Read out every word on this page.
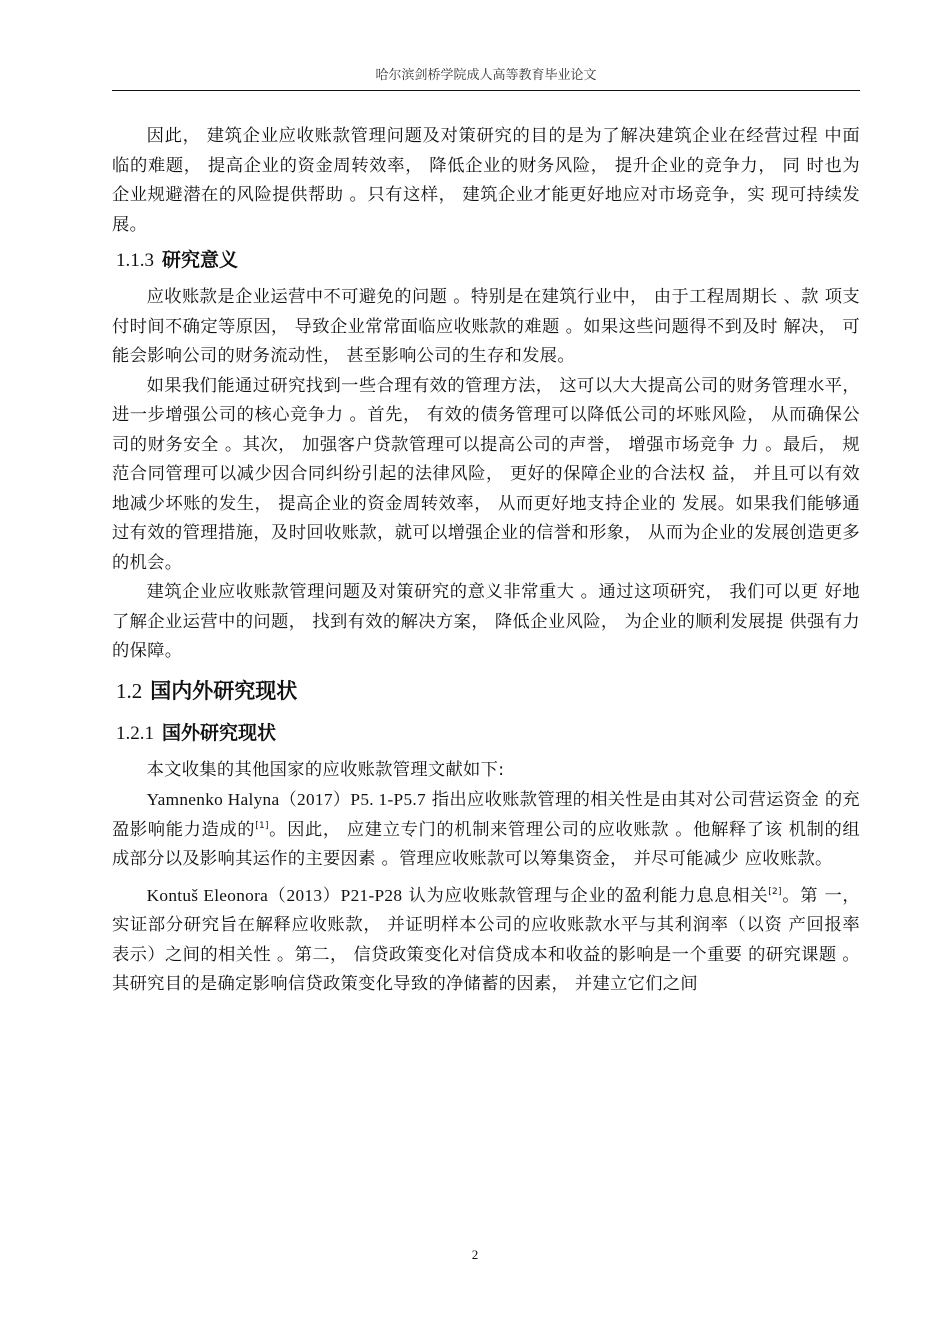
哈尔滨剑桥学院成人高等教育毕业论文

因此， 建筑企业应收账款管理问题及对策研究的目的是为了解决建筑企业在经营过程 中面临的难题， 提高企业的资金周转效率， 降低企业的财务风险， 提升企业的竞争力， 同 时也为企业规避潜在的风险提供帮助 。只有这样， 建筑企业才能更好地应对市场竞争，实 现可持续发展。

1.1.3 研究意义

应收账款是企业运营中不可避免的问题 。特别是在建筑行业中， 由于工程周期长 、款 项支付时间不确定等原因， 导致企业常常面临应收账款的难题 。如果这些问题得不到及时 解决， 可能会影响公司的财务流动性， 甚至影响公司的生存和发展。

如果我们能通过研究找到一些合理有效的管理方法， 这可以大大提高公司的财务管理水平， 进一步增强公司的核心竞争力 。首先， 有效的债务管理可以降低公司的坏账风险， 从而确保公司的财务安全 。其次， 加强客户贷款管理可以提高公司的声誉， 增强市场竞争 力 。最后， 规范合同管理可以减少因合同纠纷引起的法律风险， 更好的保障企业的合法权 益， 并且可以有效地减少坏账的发生， 提高企业的资金周转效率， 从而更好地支持企业的 发展。如果我们能够通过有效的管理措施，及时回收账款，就可以增强企业的信誉和形象， 从而为企业的发展创造更多的机会。

建筑企业应收账款管理问题及对策研究的意义非常重大 。通过这项研究， 我们可以更 好地了解企业运营中的问题， 找到有效的解决方案， 降低企业风险， 为企业的顺利发展提 供强有力的保障。

1.2 国内外研究现状
1.2.1 国外研究现状

本文收集的其他国家的应收账款管理文献如下:

Yamnenko Halyna（2017）P5. 1-P5.7 指出应收账款管理的相关性是由其对公司营运资金 的充盈影响能力造成的[1]。因此， 应建立专门的机制来管理公司的应收账款 。他解释了该 机制的组成部分以及影响其运作的主要因素 。管理应收账款可以筹集资金， 并尽可能减少 应收账款。

Kontuš Eleonora（2013）P21-P28 认为应收账款管理与企业的盈利能力息息相关[2]。第 一， 实证部分研究旨在解释应收账款， 并证明样本公司的应收账款水平与其利润率（以资 产回报率表示）之间的相关性 。第二， 信贷政策变化对信贷成本和收益的影响是一个重要 的研究课题 。其研究目的是确定影响信贷政策变化导致的净储蓄的因素， 并建立它们之间

2
